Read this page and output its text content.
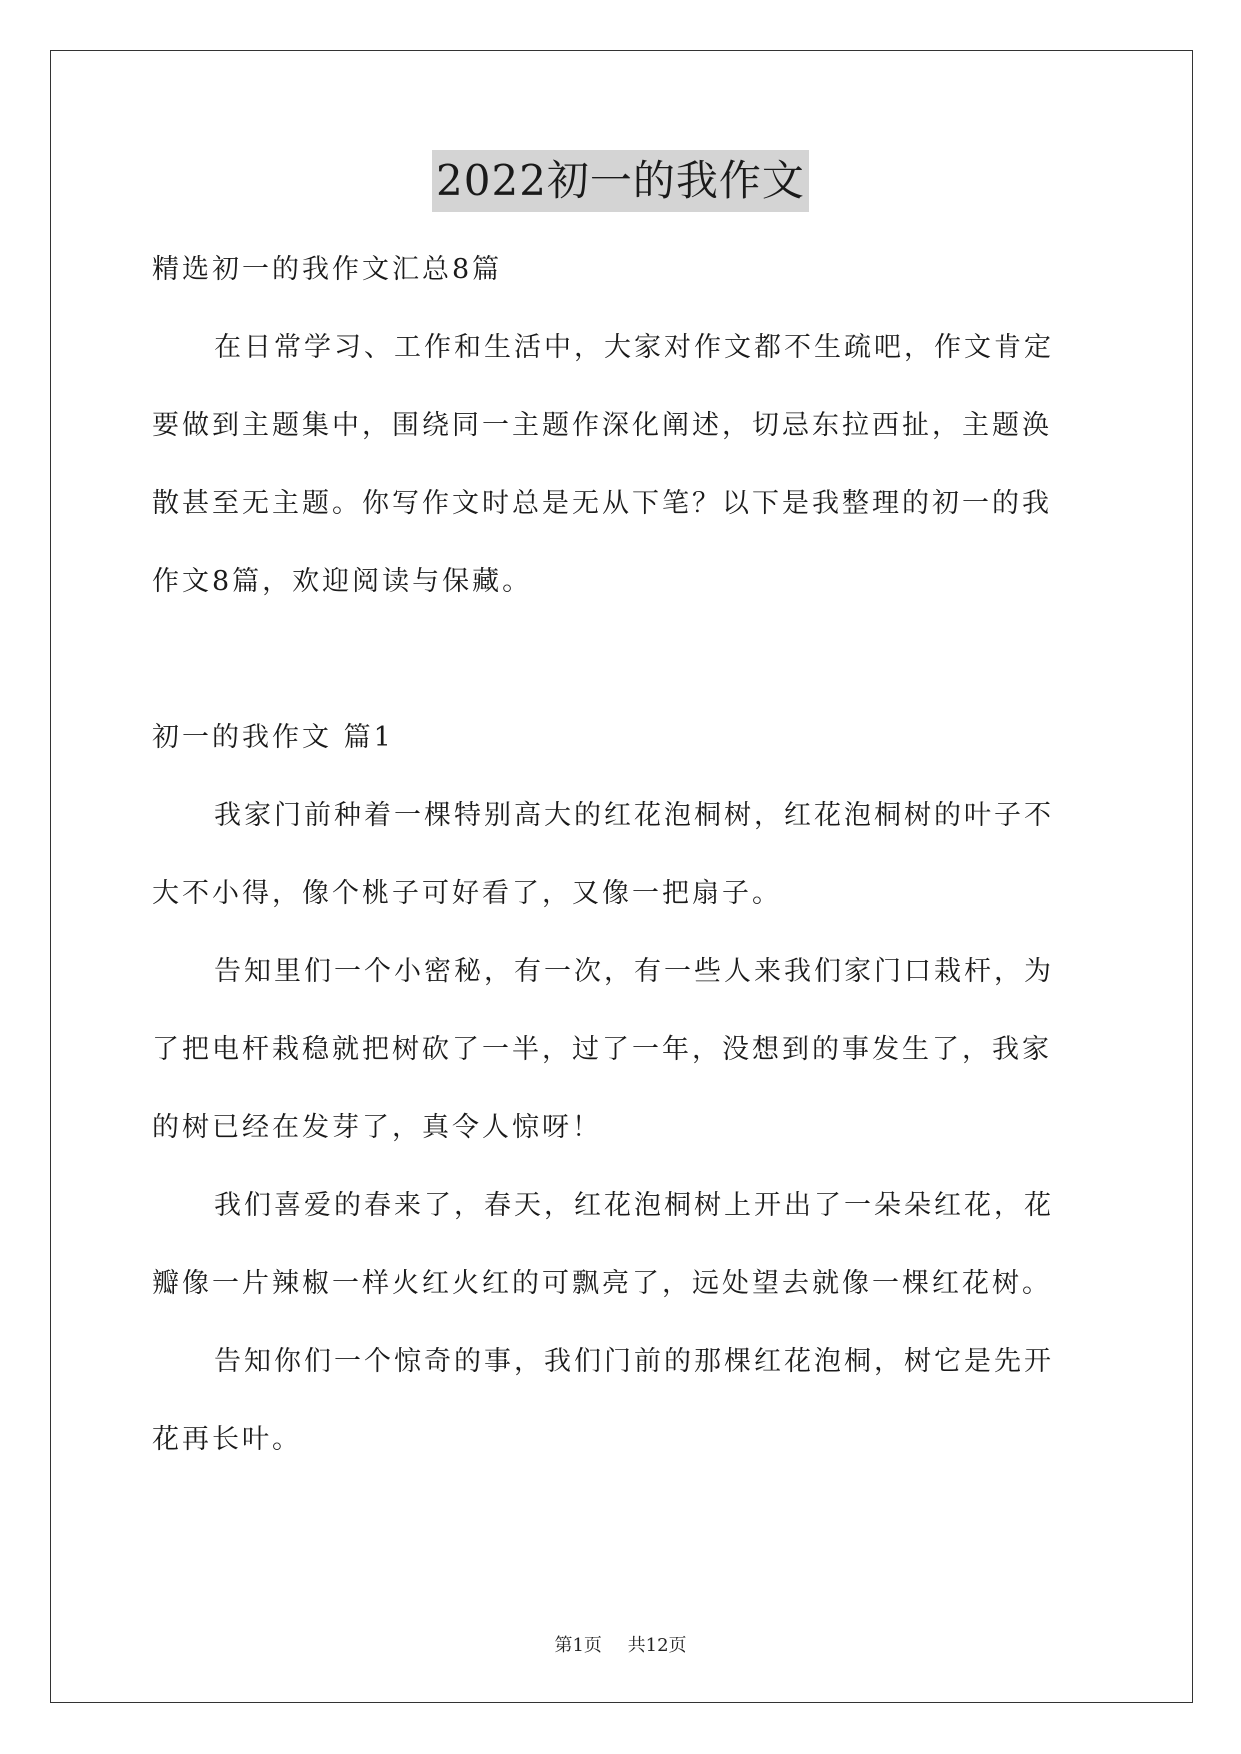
2022初一的我作文
精选初一的我作文汇总8篇
在日常学习、工作和生活中，大家对作文都不生疏吧，作文肯定
要做到主题集中，围绕同一主题作深化阐述，切忌东拉西扯，主题涣
散甚至无主题。你写作文时总是无从下笔？以下是我整理的初一的我
作文8篇，欢迎阅读与保藏。
初一的我作文 篇1
我家门前种着一棵特别高大的红花泡桐树，红花泡桐树的叶子不
大不小得，像个桃子可好看了，又像一把扇子。
告知里们一个小密秘，有一次，有一些人来我们家门口栽杆，为
了把电杆栽稳就把树砍了一半，过了一年，没想到的事发生了，我家
的树已经在发芽了，真令人惊呀！
我们喜爱的春来了，春天，红花泡桐树上开出了一朵朵红花，花
瓣像一片辣椒一样火红火红的可飘亮了，远处望去就像一棵红花树。
告知你们一个惊奇的事，我们门前的那棵红花泡桐，树它是先开
花再长叶。
第1页 共12页
